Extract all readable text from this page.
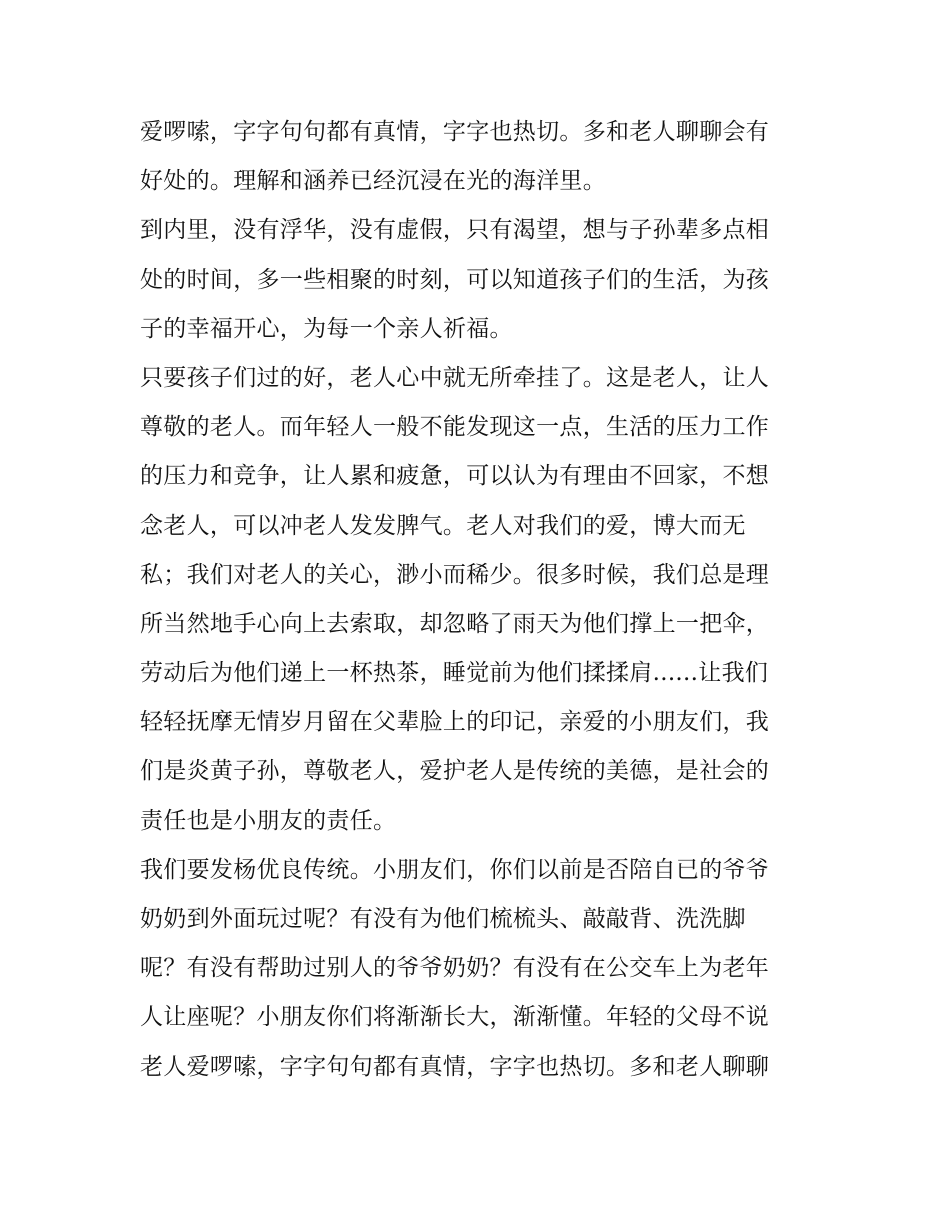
爱啰嗦，字字句句都有真情，字字也热切。多和老人聊聊会有
好处的。理解和涵养已经沉浸在光的海洋里。
到内里，没有浮华，没有虚假，只有渴望，想与子孙辈多点相
处的时间，多一些相聚的时刻，可以知道孩子们的生活，为孩
子的幸福开心，为每一个亲人祈福。
只要孩子们过的好，老人心中就无所牵挂了。这是老人，让人
尊敬的老人。而年轻人一般不能发现这一点，生活的压力工作
的压力和竞争，让人累和疲惫，可以认为有理由不回家，不想
念老人，可以冲老人发发脾气。老人对我们的爱，博大而无
私；我们对老人的关心，渺小而稀少。很多时候，我们总是理
所当然地手心向上去索取，却忽略了雨天为他们撑上一把伞，
劳动后为他们递上一杯热茶，睡觉前为他们揉揉肩......让我们
轻轻抚摩无情岁月留在父辈脸上的印记，亲爱的小朋友们，我
们是炎黄子孙，尊敬老人，爱护老人是传统的美德，是社会的
责任也是小朋友的责任。
我们要发杨优良传统。小朋友们，你们以前是否陪自已的爷爷
奶奶到外面玩过呢？有没有为他们梳梳头、敲敲背、洗洗脚
呢？有没有帮助过别人的爷爷奶奶？有没有在公交车上为老年
人让座呢？小朋友你们将渐渐长大，渐渐懂。年轻的父母不说
老人爱啰嗦，字字句句都有真情，字字也热切。多和老人聊聊
